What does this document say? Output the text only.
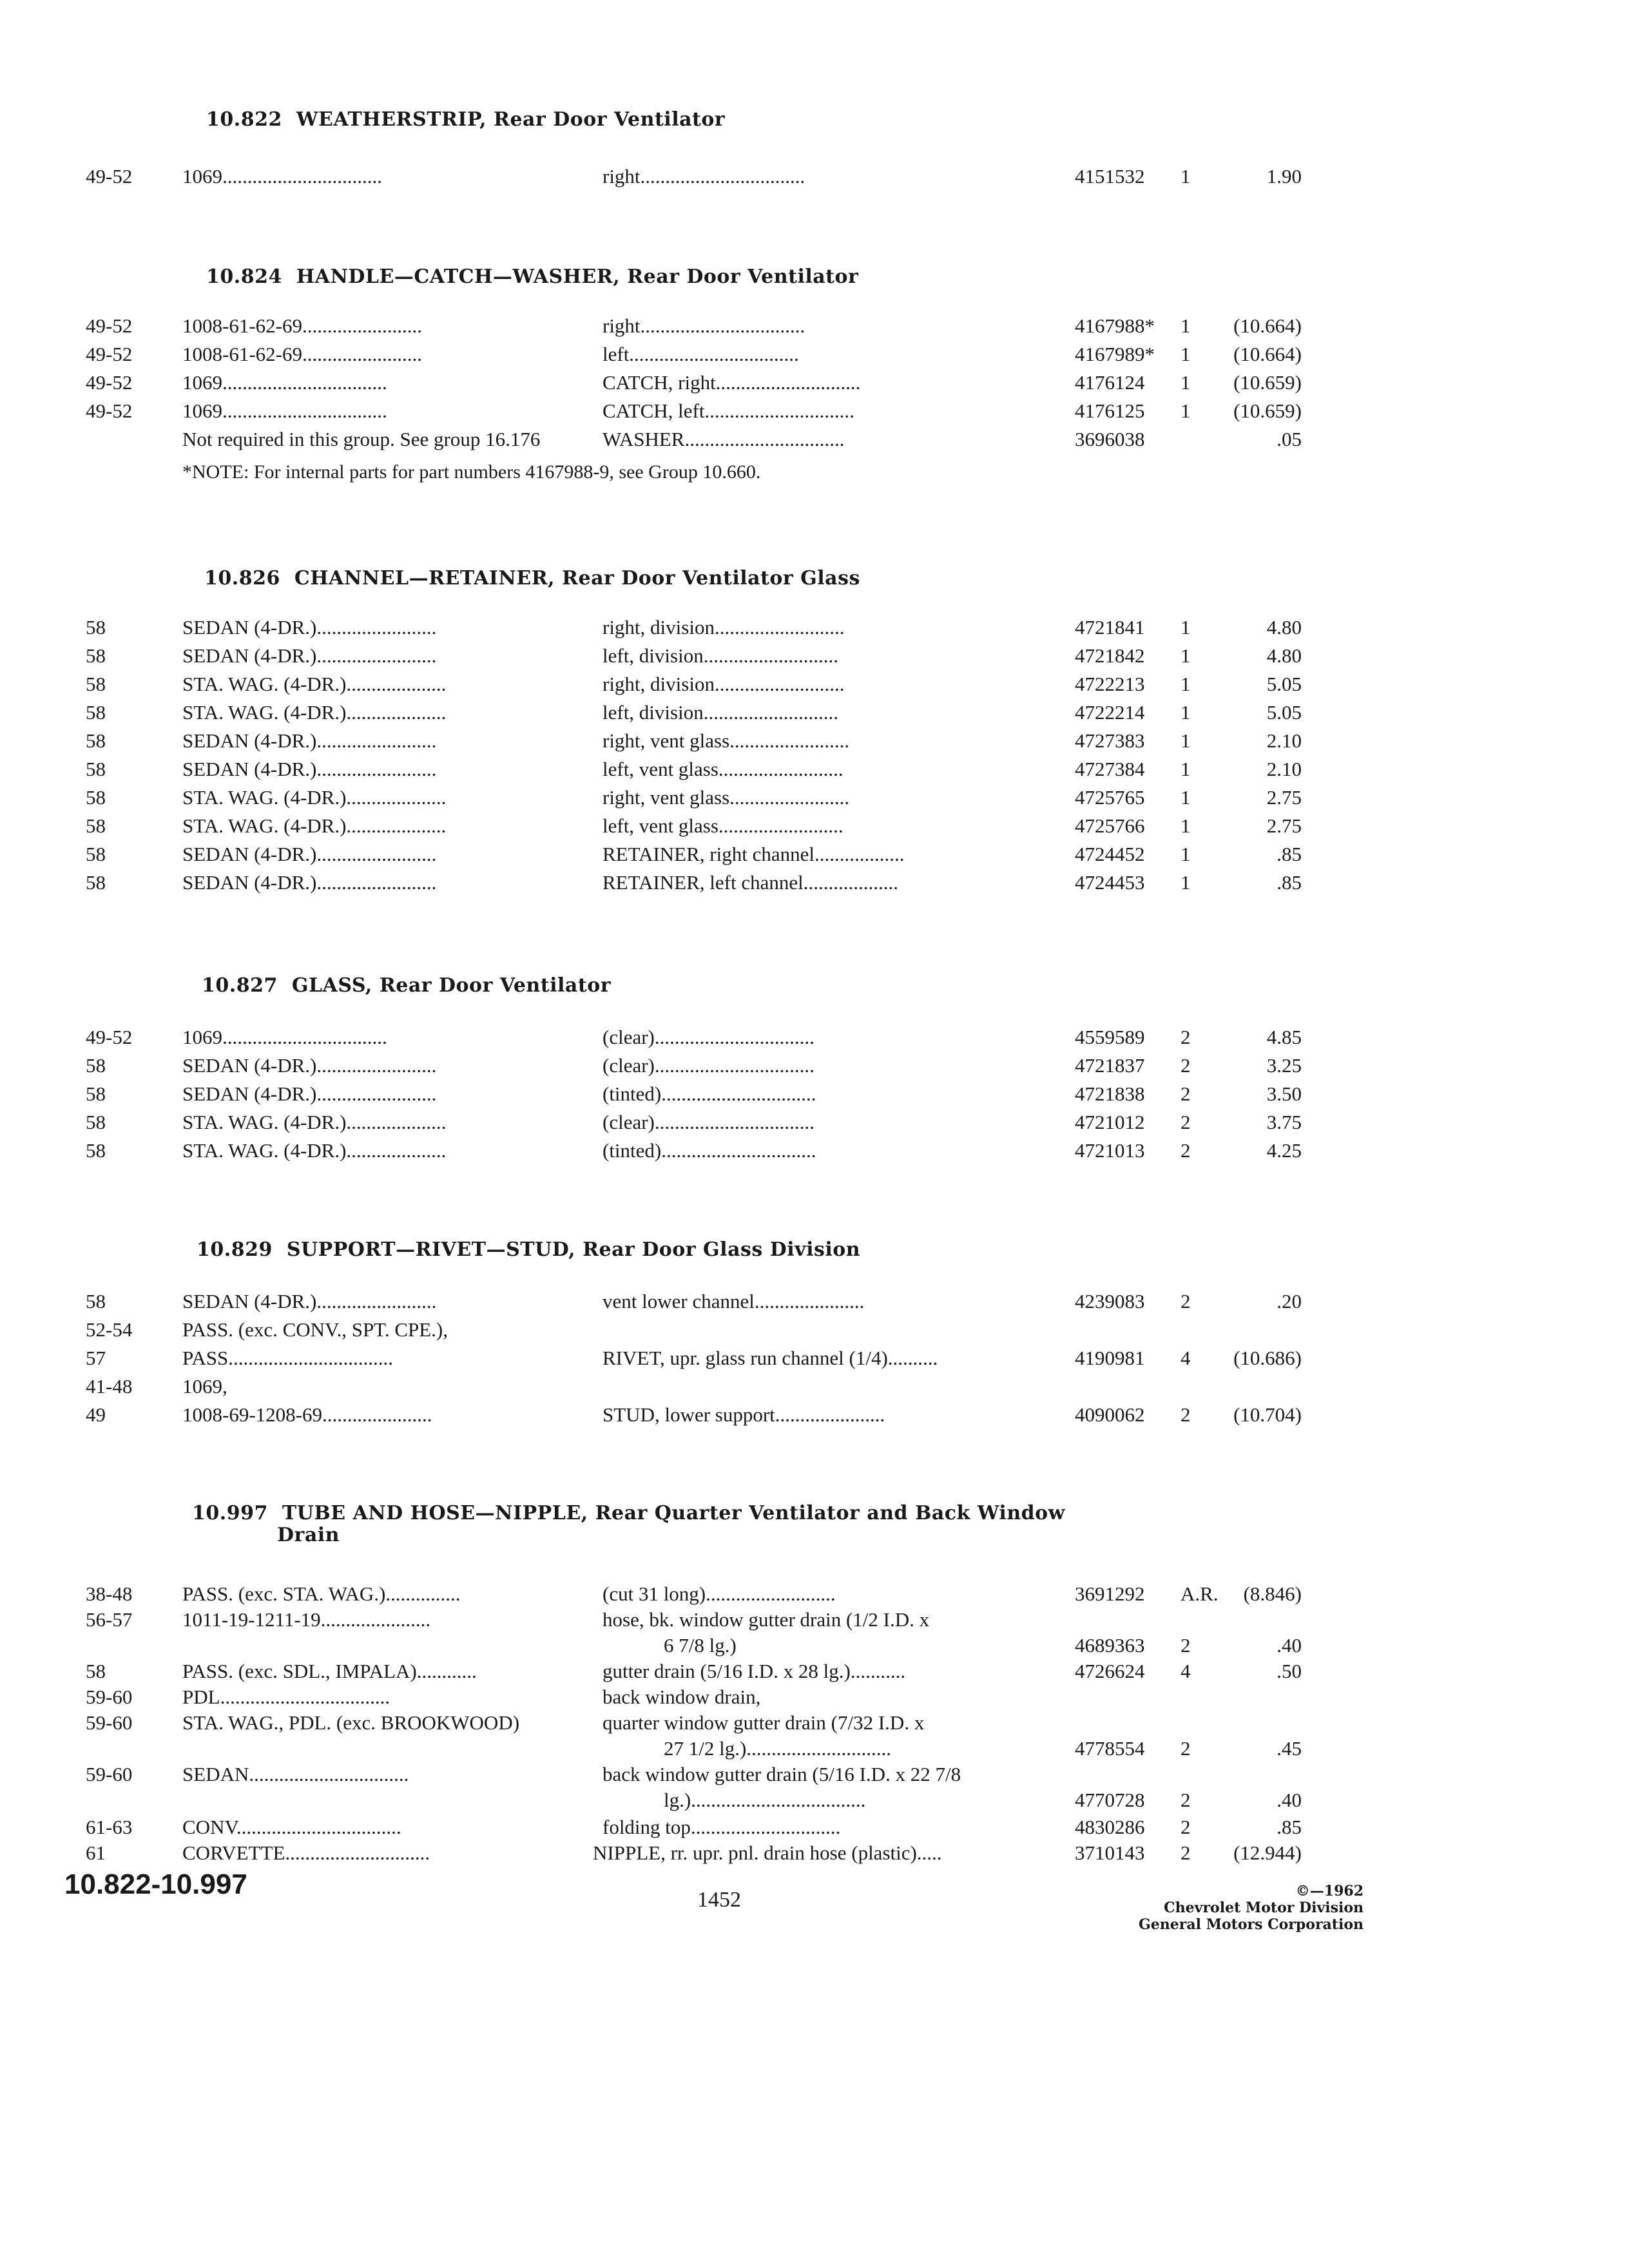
10.822 WEATHERSTRIP, Rear Door Ventilator
49-52	1069................................	right.................................	4151532 1	1.90
10.824 HANDLE—CATCH—WASHER, Rear Door Ventilator
49-52	1008-61-62-69........................	right.................................	4167988* 1	(10.664)
49-52	1008-61-62-69........................	left..................................	4167989* 1	(10.664)
49-52	1069.................................	CATCH, right.............................	4176124 1	(10.659)
49-52	1069.................................	CATCH, left..............................	4176125 1	(10.659)
Not required in this group. See group 16.176	WASHER................................	3696038	.05
*NOTE: For internal parts for part numbers 4167988-9, see Group 10.660.
10.826 CHANNEL—RETAINER, Rear Door Ventilator Glass
58	SEDAN (4-DR.)........................	right, division..........................	4721841 1	4.80
58	SEDAN (4-DR.)........................	left, division...........................	4721842 1	4.80
58	STA. WAG. (4-DR.)....................	right, division..........................	4722213 1	5.05
58	STA. WAG. (4-DR.)....................	left, division...........................	4722214 1	5.05
58	SEDAN (4-DR.)........................	right, vent glass........................	4727383 1	2.10
58	SEDAN (4-DR.)........................	left, vent glass.........................	4727384 1	2.10
58	STA. WAG. (4-DR.)....................	right, vent glass........................	4725765 1	2.75
58	STA. WAG. (4-DR.)....................	left, vent glass.........................	4725766 1	2.75
58	SEDAN (4-DR.)........................	RETAINER, right channel..................	4724452 1	.85
58	SEDAN (4-DR.)........................	RETAINER, left channel...................	4724453 1	.85
10.827 GLASS, Rear Door Ventilator
49-52	1069.................................	(clear)................................	4559589 2	4.85
58	SEDAN (4-DR.)........................	(clear)................................	4721837 2	3.25
58	SEDAN (4-DR.)........................	(tinted)...............................	4721838 2	3.50
58	STA. WAG. (4-DR.)....................	(clear)................................	4721012 2	3.75
58	STA. WAG. (4-DR.)....................	(tinted)...............................	4721013 2	4.25
10.829 SUPPORT—RIVET—STUD, Rear Door Glass Division
58	SEDAN (4-DR.)........................	vent lower channel......................	4239083 2	.20
52-54	PASS. (exc. CONV., SPT. CPE.),
57	PASS.................................	RIVET, upr. glass run channel (1/4)..........	4190981 4	(10.686)
41-48	1069,
49	1008-69-1208-69......................	STUD, lower support......................	4090062 2	(10.704)
10.997 TUBE AND HOSE—NIPPLE, Rear Quarter Ventilator and Back Window
Drain
38-48	PASS. (exc. STA. WAG.)...............	(cut 31 long)..........................	3691292 A.R.	(8.846)
56-57	1011-19-1211-19......................	hose, bk. window gutter drain (1/2 I.D. x
6 7/8 lg.)	4689363 2	.40
58	PASS. (exc. SDL., IMPALA)............	gutter drain (5/16 I.D. x 28 lg.)...........	4726624 4	.50
59-60	PDL..................................	back window drain,
59-60	STA. WAG., PDL. (exc. BROOKWOOD)	quarter window gutter drain (7/32 I.D. x
27 1/2 lg.).............................	4778554 2	.45
59-60	SEDAN................................	back window gutter drain (5/16 I.D. x 22 7/8
lg.)...................................	4770728 2	.40
61-63	CONV.................................	folding top..............................	4830286 2	.85
61	CORVETTE.............................	NIPPLE, rr. upr. pnl. drain hose (plastic).....	3710143 2	(12.944)
10.822-10.997	1452	©—1962
Chevrolet Motor Division
General Motors Corporation
